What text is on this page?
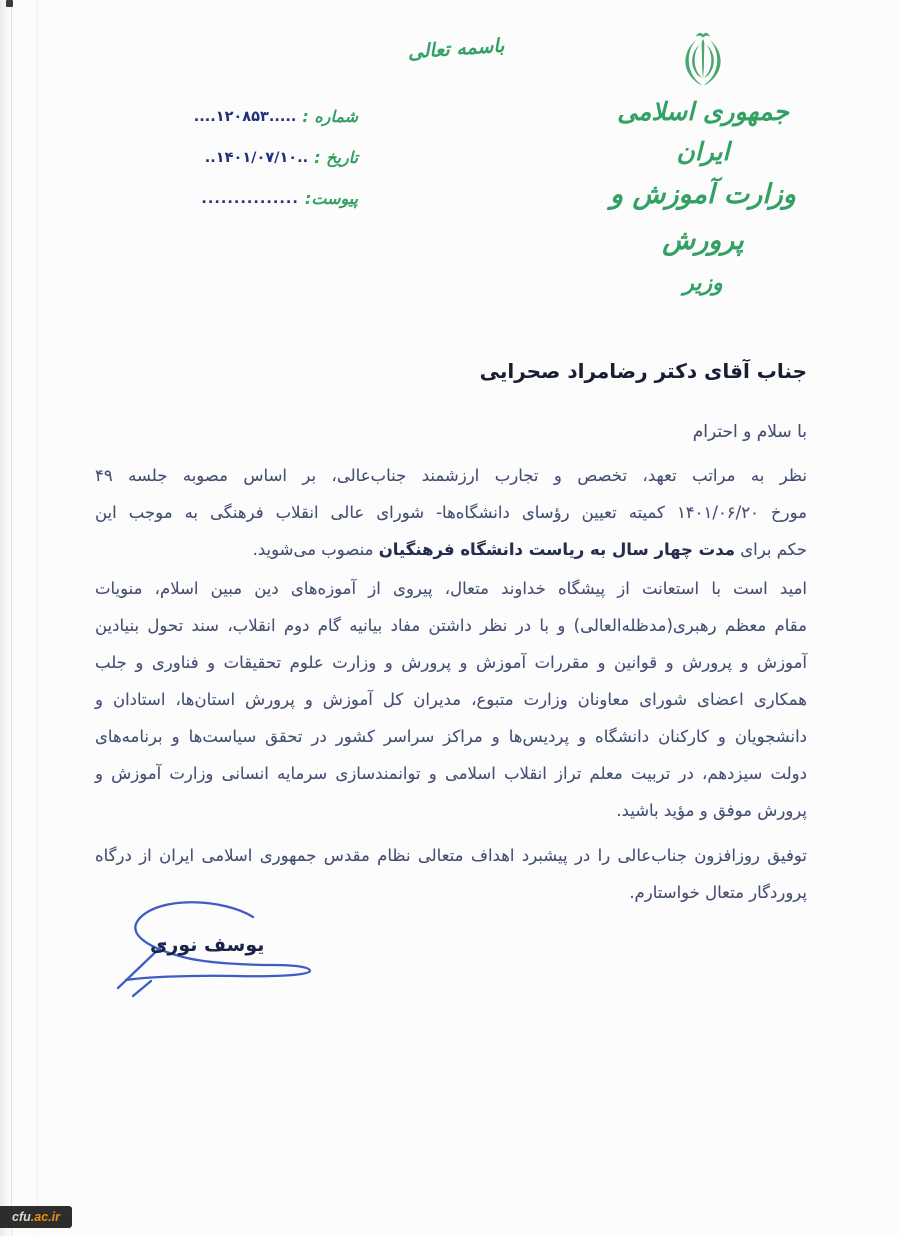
باسمه تعالی
جمهوری اسلامی ایران
وزارت آموزش و پرورش
وزیر
شماره :
....۱۲۰۸۵۳.....
تاریخ :
..۱۴۰۱/۰۷/۱۰..
پیوست:
...............
جناب آقای دکتر رضامراد صحرایی
با سلام و احترام
نظر به مراتب تعهد، تخصص و تجارب ارزشمند جناب‌عالی، بر اساس مصوبه جلسه ۴۹
مورخ ۱۴۰۱/۰۶/۲۰ کمیته تعیین رؤسای دانشگاه‌ها- شورای عالی انقلاب فرهنگی به موجب این
حکم برای مدت چهار سال به ریاست دانشگاه فرهنگیان منصوب می‌شوید.
امید است با استعانت از پیشگاه خداوند متعال، پیروی از آموزه‌های دین مبین اسلام، منویات
مقام معظم رهبری(مدظله‌العالی) و با در نظر داشتن مفاد بیانیه گام دوم انقلاب، سند تحول بنیادین
آموزش و پرورش و قوانین و مقررات آموزش و پرورش و وزارت علوم تحقیقات و فناوری و جلب
همکاری اعضای شورای معاونان وزارت متبوع، مدیران کل آموزش و پرورش استان‌ها، استادان و
دانشجویان و کارکنان دانشگاه و پردیس‌ها و مراکز سراسر کشور در تحقق سیاست‌ها و برنامه‌های
دولت سیزدهم، در تربیت معلم تراز انقلاب اسلامی و توانمندسازی سرمایه انسانی وزارت آموزش و
پرورش موفق و مؤید باشید.
توفیق روزافزون جناب‌عالی را در پیشبرد اهداف متعالی نظام مقدس جمهوری اسلامی ایران از درگاه
پروردگار متعال خواستارم.
یوسف نوری
cfu .ac.ir
